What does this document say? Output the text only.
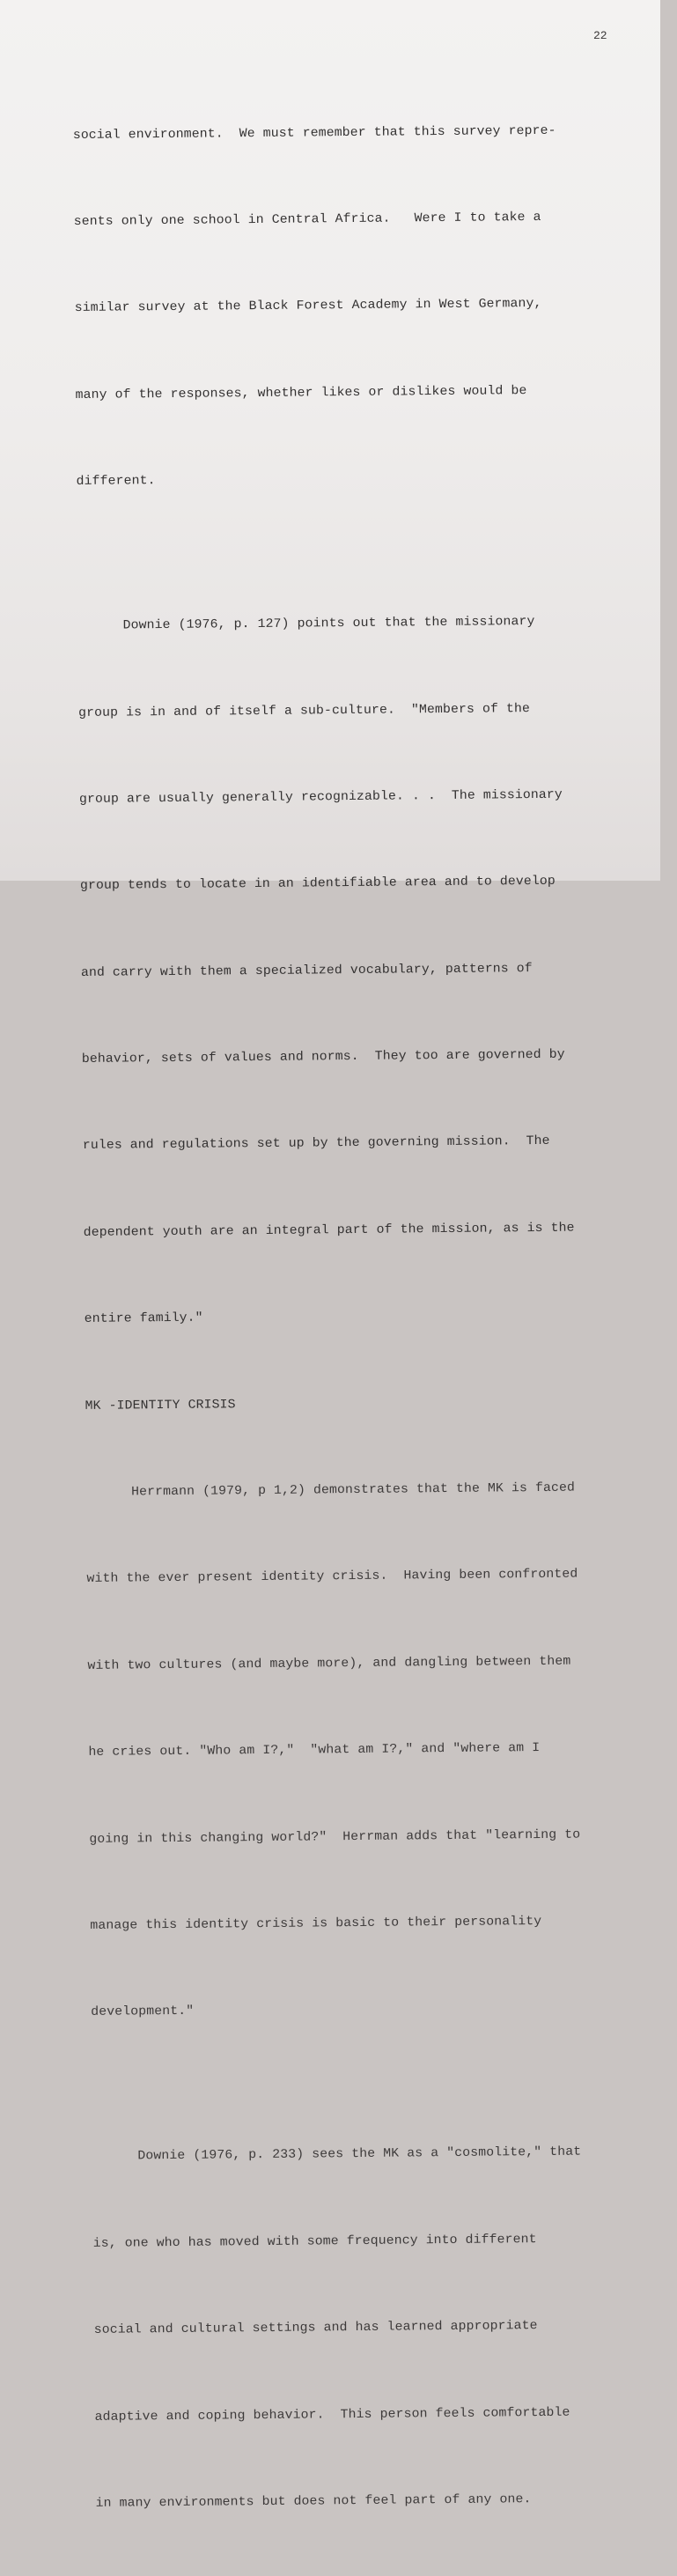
22

social environment.  We must remember that this survey repre-

sents only one school in Central Africa.   Were I to take a

similar survey at the Black Forest Academy in West Germany,

many of the responses, whether likes or dislikes would be

different.

Downie (1976, p. 127) points out that the missionary

group is in and of itself a sub-culture.  "Members of the

group are usually generally recognizable. . .  The missionary

group tends to locate in an identifiable area and to develop

and carry with them a specialized vocabulary, patterns of

behavior, sets of values and norms.  They too are governed by

rules and regulations set up by the governing mission.  The

dependent youth are an integral part of the mission, as is the

entire family."

MK -IDENTITY CRISIS

Herrmann (1979, p 1,2) demonstrates that the MK is faced

with the ever present identity crisis.  Having been confronted

with two cultures (and maybe more), and dangling between them

he cries out. "Who am I?,"  "what am I?," and "where am I

going in this changing world?"  Herrman adds that "learning to

manage this identity crisis is basic to their personality

development."

Downie (1976, p. 233) sees the MK as a "cosmolite," that

is, one who has moved with some frequency into different

social and cultural settings and has learned appropriate

adaptive and coping behavior.  This person feels comfortable

in many environments but does not feel part of any one.
